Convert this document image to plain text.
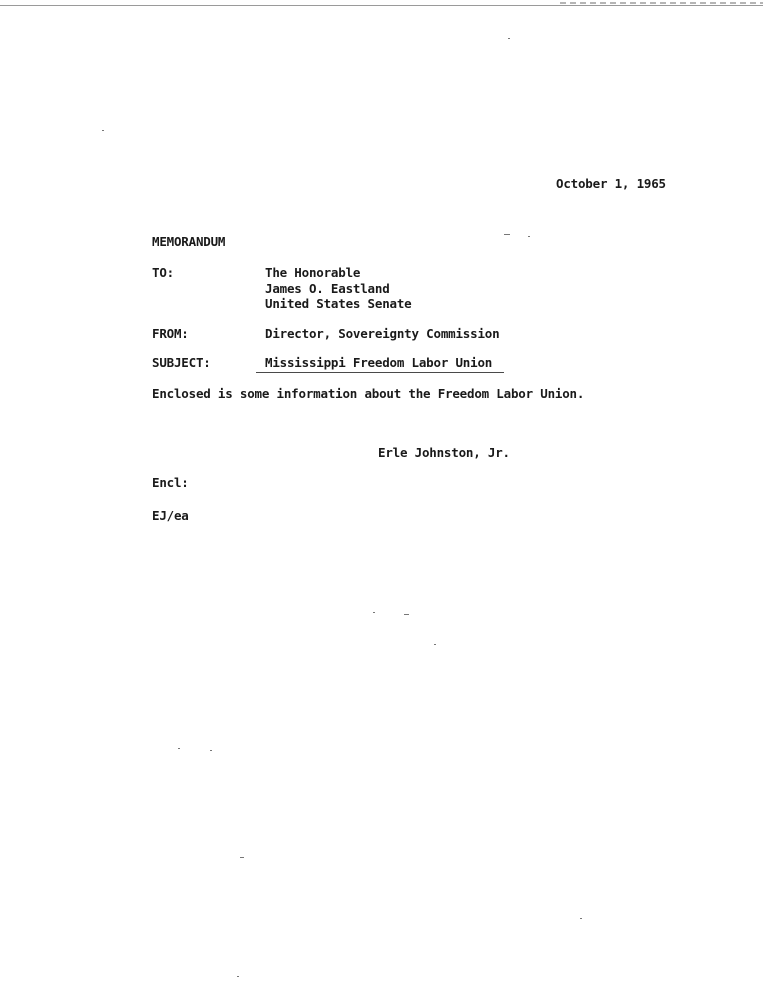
October 1, 1965
MEMORANDUM
TO:	The Honorable
James O. Eastland
United States Senate
FROM:	Director, Sovereignty Commission
SUBJECT:	Mississippi Freedom Labor Union
Enclosed is some information about the Freedom Labor Union.
Erle Johnston, Jr.
Encl:
EJ/ea
